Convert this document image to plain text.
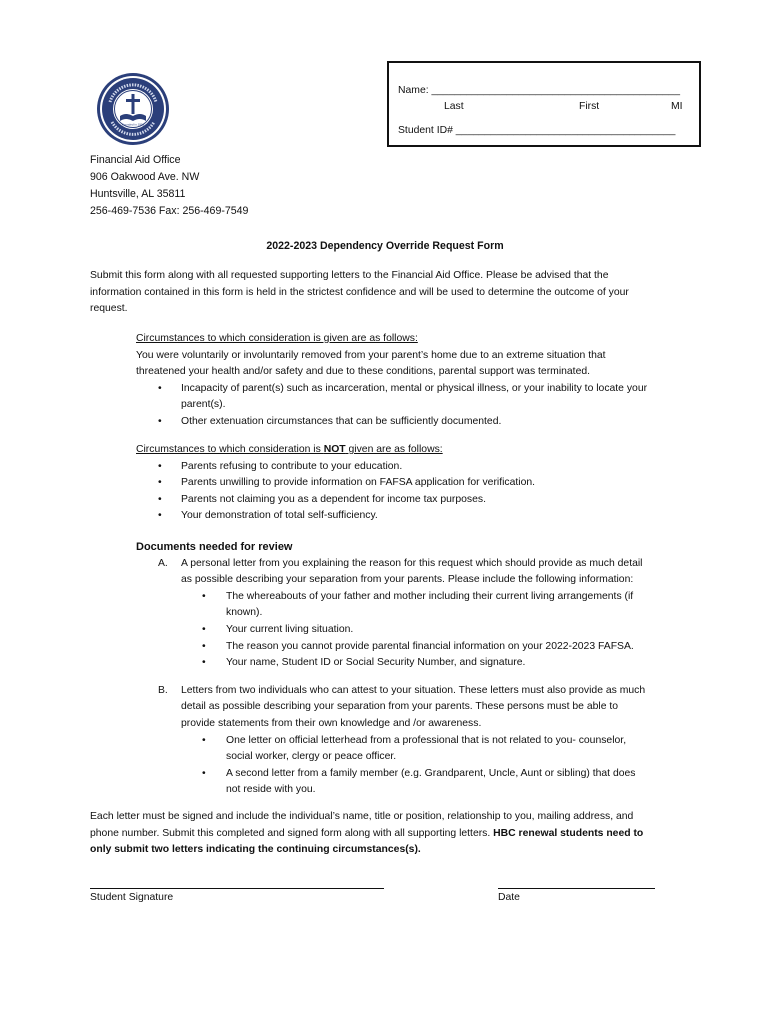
Founded in 1906
Name: ___________________________________________
Last	First	MI
Student ID# ______________________________________
Financial Aid Office
906 Oakwood Ave. NW
Huntsville, AL 35811
256-469-7536 Fax: 256-469-7549
2022-2023 Dependency Override Request Form
Submit this form along with all requested supporting letters to the Financial Aid Office. Please be advised that the
information contained in this form is held in the strictest confidence and will be used to determine the outcome of your
request.
Circumstances to which consideration is given are as follows:
You were voluntarily or involuntarily removed from your parent’s home due to an extreme situation that
threatened your health and/or safety and due to these conditions, parental support was terminated.
• Incapacity of parent(s) such as incarceration, mental or physical illness, or your inability to locate your
parent(s).
• Other extenuation circumstances that can be sufficiently documented.
Circumstances to which consideration is NOT given are as follows:
• Parents refusing to contribute to your education.
• Parents unwilling to provide information on FAFSA application for verification.
• Parents not claiming you as a dependent for income tax purposes.
• Your demonstration of total self-sufficiency.
Documents needed for review
A. A personal letter from you explaining the reason for this request which should provide as much detail
as possible describing your separation from your parents. Please include the following information:
• The whereabouts of your father and mother including their current living arrangements (if
known).
• Your current living situation.
• The reason you cannot provide parental financial information on your 2022-2023 FAFSA.
• Your name, Student ID or Social Security Number, and signature.
B. Letters from two individuals who can attest to your situation. These letters must also provide as much
detail as possible describing your separation from your parents. These persons must be able to
provide statements from their own knowledge and /or awareness.
• One letter on official letterhead from a professional that is not related to you- counselor,
social worker, clergy or peace officer.
• A second letter from a family member (e.g. Grandparent, Uncle, Aunt or sibling) that does
not reside with you.
Each letter must be signed and include the individual’s name, title or position, relationship to you, mailing address, and
phone number. Submit this completed and signed form along with all supporting letters. HBC renewal students need to
only submit two letters indicating the continuing circumstances(s).
Student Signature	Date
